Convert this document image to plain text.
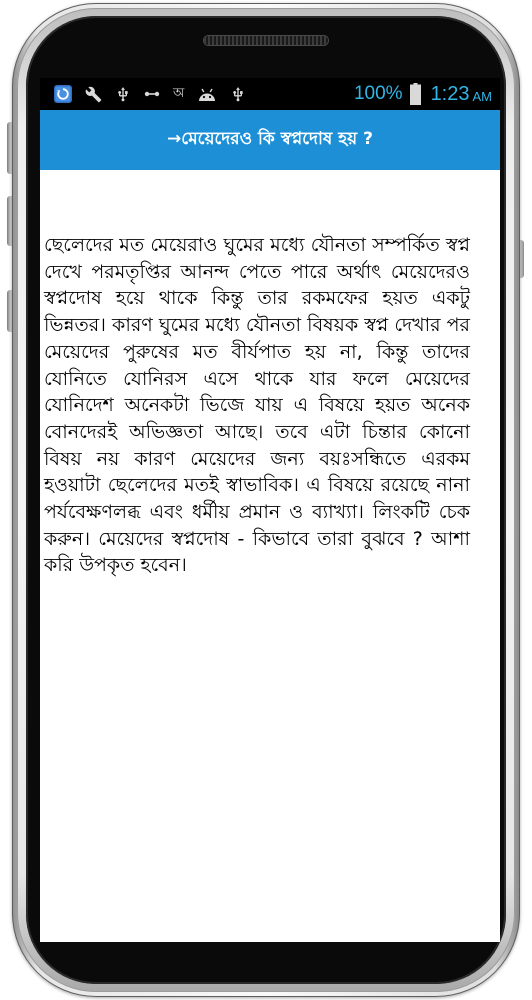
অ	100% 1:23 AM
→মেয়েদেরও কি স্বপ্নদোষ হয় ?

ছেলেদের মত মেয়েরাও ঘুমের মধ্যে যৌনতা সম্পর্কিত স্বপ্ন দেখে পরমতৃপ্তির আনন্দ পেতে পারে অর্থাৎ মেয়েদেরও স্বপ্নদোষ হয়ে থাকে কিন্তু তার রকমফের হয়ত একটু ভিন্নতর। কারণ ঘুমের মধ্যে যৌনতা বিষয়ক স্বপ্ন দেখার পর মেয়েদের পুরুষের মত বীর্যপাত হয় না, কিন্তু তাদের যোনিতে যোনিরস এসে থাকে যার ফলে মেয়েদের যোনিদেশ অনেকটা ভিজে যায় এ বিষয়ে হয়ত অনেক বোনদেরই অভিজ্ঞতা আছে। তবে এটা চিন্তার কোনো বিষয় নয় কারণ মেয়েদের জন্য বয়ঃসন্ধিতে এরকম হওয়াটা ছেলেদের মতই স্বাভাবিক। এ বিষয়ে রয়েছে নানা পর্যবেক্ষণলব্ধ এবং ধর্মীয় প্রমান ও ব্যাখ্যা। লিংকটি চেক করুন। মেয়েদের স্বপ্নদোষ - কিভাবে তারা বুঝবে ? আশা করি উপকৃত হবেন।
